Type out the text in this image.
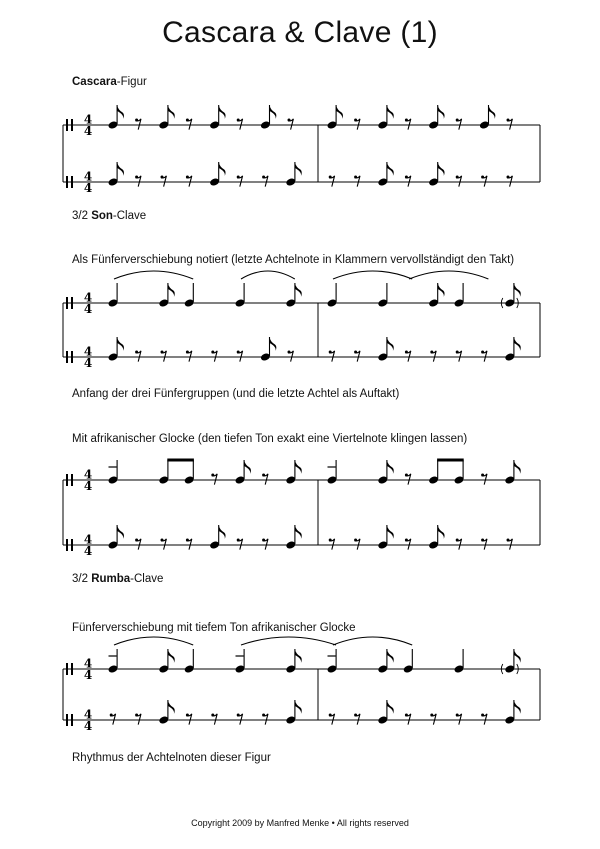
Cascara & Clave (1)
Cascara-Figur
3/2 Son-Clave
Als Fünferverschiebung notiert (letzte Achtelnote in Klammern vervollständigt den Takt)
Anfang der drei Fünfergruppen (und die letzte Achtel als Auftakt)
Mit afrikanischer Glocke (den tiefen Ton exakt eine Viertelnote klingen lassen)
3/2 Rumba-Clave
Fünferverschiebung mit tiefem Ton afrikanischer Glocke
Rhythmus der Achtelnoten dieser Figur
Copyright 2009 by Manfred Menke • All rights reserved
4
4
4
4
4
4
4
4
4
4
4
4
4
4
4
4
